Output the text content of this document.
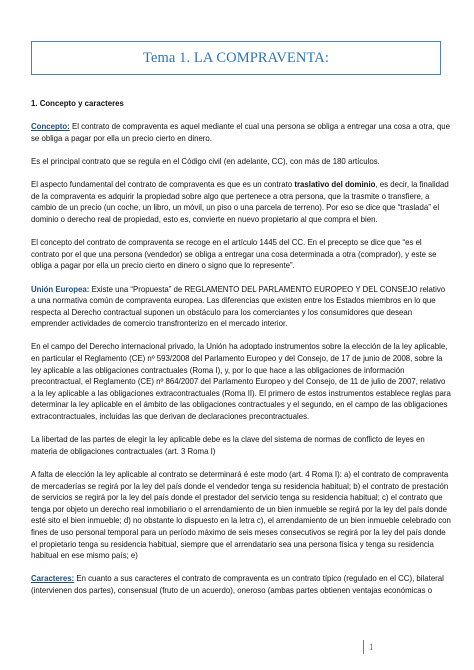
Tema 1. LA COMPRAVENTA:

1. Concepto y caracteres

Concepto: El contrato de compraventa es aquel mediante el cual una persona se obliga a entregar una cosa a otra, que se obliga a pagar por ella un precio cierto en dinero.

Es el principal contrato que se regula en el Código civil (en adelante, CC), con más de 180 artículos.

El aspecto fundamental del contrato de compraventa es que es un contrato traslativo del dominio, es decir, la finalidad de la compraventa es adquirir la propiedad sobre algo que pertenece a otra persona, que la trasmite o transfiere, a cambio de un precio (un coche, un libro, un móvil, un piso o una parcela de terreno). Por eso se dice que “traslada” el dominio o derecho real de propiedad, esto es, convierte en nuevo propietario al que compra el bien.

El concepto del contrato de compraventa se recoge en el artículo 1445 del CC. En el precepto se dice que “es el contrato por el que una persona (vendedor) se obliga a entregar una cosa determinada a otra (comprador), y este se obliga a pagar por ella un precio cierto en dinero o signo que lo represente”.

Unión Europea: Existe una “Propuesta” de REGLAMENTO DEL PARLAMENTO EUROPEO Y DEL CONSEJO relativo a una normativa común de compraventa europea. Las diferencias que existen entre los Estados miembros en lo que respecta al Derecho contractual suponen un obstáculo para los comerciantes y los consumidores que desean emprender actividades de comercio transfronterizo en el mercado interior.

En el campo del Derecho internacional privado, la Unión ha adoptado instrumentos sobre la elección de la ley aplicable, en particular el Reglamento (CE) nº 593/2008 del Parlamento Europeo y del Consejo, de 17 de junio de 2008, sobre la ley aplicable a las obligaciones contractuales (Roma I), y, por lo que hace a las obligaciones de información precontractual, el Reglamento (CE) nº 864/2007 del Parlamento Europeo y del Consejo, de 11 de julio de 2007, relativo a la ley aplicable a las obligaciones extracontractuales (Roma II). El primero de estos instrumentos establece reglas para determinar la ley aplicable en el ámbito de las obligaciones contractuales y el segundo, en el campo de las obligaciones extracontractuales, incluidas las que derivan de declaraciones precontractuales.

La libertad de las partes de elegir la ley aplicable debe es la clave del sistema de normas de conflicto de leyes en materia de obligaciones contractuales (art. 3 Roma I)

A falta de elección la ley aplicable al contrato se determinará é este modo (art. 4 Roma I): a) el contrato de compraventa de mercaderías se regirá por la ley del país donde el vendedor tenga su residencia habitual; b) el contrato de prestación de servicios se regirá por la ley del país donde el prestador del servicio tenga su residencia habitual; c) el contrato que tenga por objeto un derecho real inmobiliario o el arrendamiento de un bien inmueble se regirá por la ley del país donde esté sito el bien inmueble; d) no obstante lo dispuesto en la letra c), el arrendamiento de un bien inmueble celebrado con fines de uso personal temporal para un período máximo de seis meses consecutivos se regirá por la ley del país donde el propietario tenga su residencia habitual, siempre que el arrendatario sea una persona física y tenga su residencia habitual en ese mismo país; e)

Caracteres: En cuanto a sus caracteres el contrato de compraventa es un contrato típico (regulado en el CC), bilateral (intervienen dos partes), consensual (fruto de un acuerdo), oneroso (ambas partes obtienen ventajas económicas o

1
